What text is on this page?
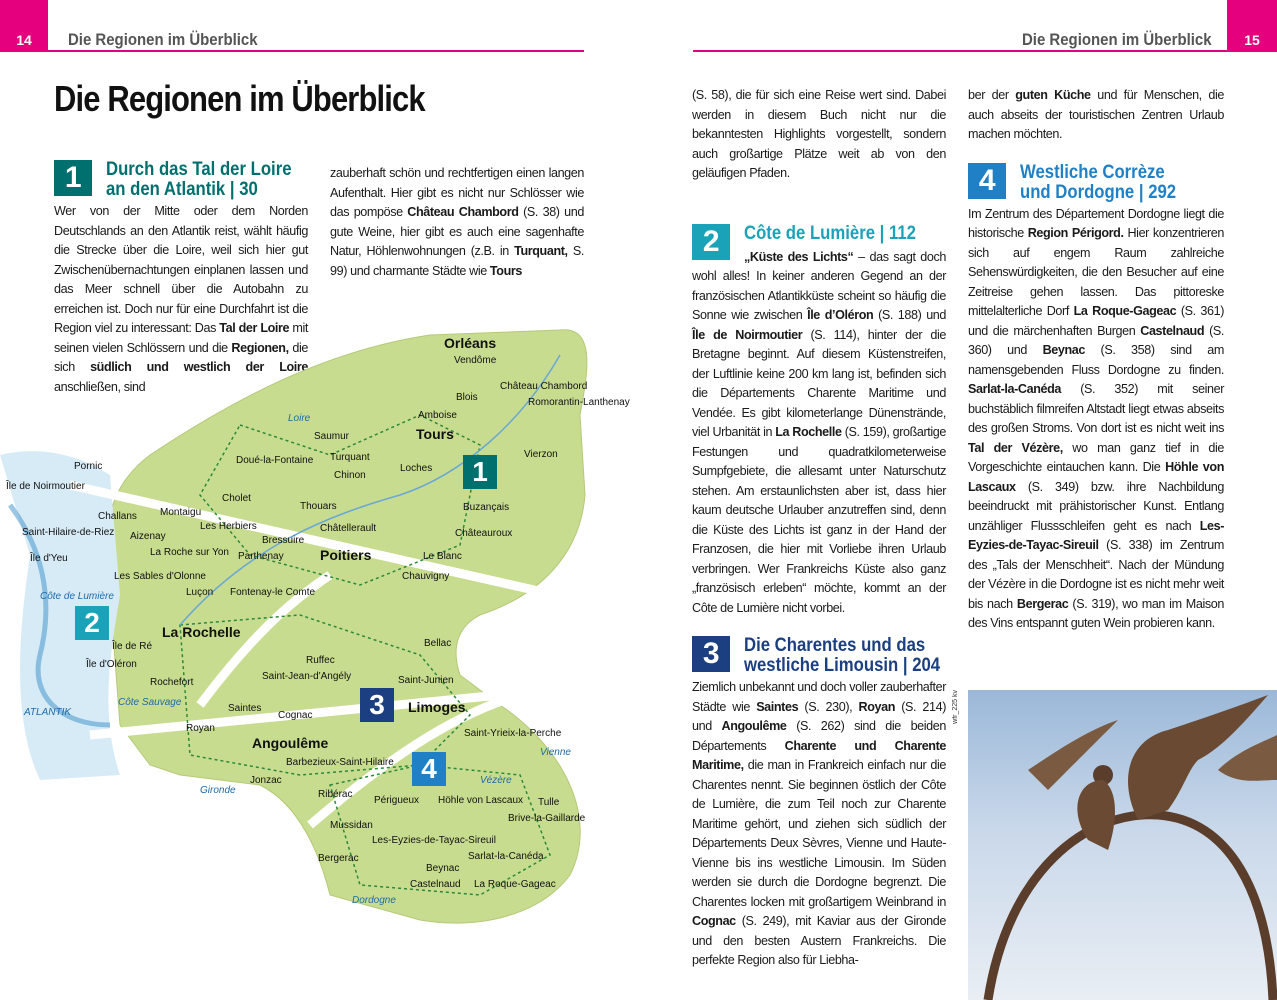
14	Die Regionen im Überblick	15
Die Regionen im Überblick
Die Regionen im Überblick
1	Durch das Tal der Loire
an den Atlantik | 30

Wer von der Mitte oder dem Norden Deutschlands an den Atlantik reist, wählt häufig die Strecke über die Loire, weil sich hier gut Zwischenübernachtungen einplanen lassen und das Meer schnell über die Autobahn zu erreichen ist. Doch nur für eine Durchfahrt ist die Region viel zu interessant: Das Tal der Loire mit seinen vielen Schlössern und die Regionen, die sich südlich und westlich der Loire anschließen, sind

zauberhaft schön und rechtfertigen einen langen Aufenthalt. Hier gibt es nicht nur Schlösser wie das pompöse Château Chambord (S. 38) und gute Weine, hier gibt es auch eine sagenhafte Natur, Höhlenwohnungen (z.B. in Turquant, S. 99) und charmante Städte wie Tours

1
2
3
4
Orléans
Vendôme
Blois
Château Chambord
Romorantin-Lanthenay
Amboise
Tours
Vierzon
Loches
Saumur
Turquant
Chinon
Doué-la-Fontaine
Cholet
Thouars
Montaigu
Les Herbiers
Bressuire
Châtellerault
Buzançais
Châteauroux
Pornic
Île de Noirmoutier
Saint-Hilaire-de-Riez
Challans
Aizenay
La Roche sur Yon
Île d'Yeu
Les Sables d'Olonne
Parthenay	Poitiers	Le Blanc
Chauvigny
Luçon Fontenay-le Comte
La Rochelle
Île de Ré
Île d'Oléron
Rochefort
Bellac
Ruffec
Saint-Jean-d'Angély	Saint-Junien
Limoges
Saintes
Cognac
Royan
Angoulême
Saint-Yrieix-la-Perche
Barbezieux-Saint-Hilaire
Jonzac
Ribérac
Périgueux Höhle von Lascaux Tulle
Brive-la-Gaillarde
Mussidan
Les-Eyzies-de-Tayac-Sireuil
Sarlat-la-Canéda
Bergerac
Beynac
Castelnaud La Roque-Gageac
Loire
Vienne
Gironde
Dordogne
Vézère
Côte de Lumière
Côte Sauvage
ATLANTIK

(S. 58), die für sich eine Reise wert sind. Dabei werden in diesem Buch nicht nur die bekanntesten Highlights vorgestellt, sondern auch großartige Plätze weit ab von den geläufigen Pfaden.

2	Côte de Lumière | 112

„Küste des Lichts“ – das sagt doch wohl alles! In keiner anderen Gegend an der französischen Atlantikküste scheint so häufig die Sonne wie zwischen Île d’Oléron (S. 188) und Île de Noirmoutier (S. 114), hinter der die Bretagne beginnt. Auf diesem Küstenstreifen, der Luftlinie keine 200 km lang ist, befinden sich die Départements Charente Maritime und Vendée. Es gibt kilometerlange Dünenstrände, viel Urbanität in La Rochelle (S. 159), großartige Festungen und quadratkilometerweise Sumpfgebiete, die allesamt unter Naturschutz stehen. Am erstaunlichsten aber ist, dass hier kaum deutsche Urlauber anzutreffen sind, denn die Küste des Lichts ist ganz in der Hand der Franzosen, die hier mit Vorliebe ihren Urlaub verbringen. Wer Frankreichs Küste also ganz „französisch erleben“ möchte, kommt an der Côte de Lumière nicht vorbei.

3	Die Charentes und das
westliche Limousin | 204

Ziemlich unbekannt und doch voller zauberhafter Städte wie Saintes (S. 230), Royan (S. 214) und Angoulême (S. 262) sind die beiden Départements Charente und Charente Maritime, die man in Frankreich einfach nur die Charentes nennt. Sie beginnen östlich der Côte de Lumière, die zum Teil noch zur Charente Maritime gehört, und ziehen sich südlich der Départements Deux Sèvres, Vienne und Haute-Vienne bis ins westliche Limousin. Im Süden werden sie durch die Dordogne begrenzt. Die Charentes locken mit großartigem Weinbrand in Cognac (S. 249), mit Kaviar aus der Gironde und den besten Austern Frankreichs. Die perfekte Region also für Liebha-

ber der guten Küche und für Menschen, die auch abseits der touristischen Zentren Urlaub machen möchten.

4	Westliche Corrèze
und Dordogne | 292

Im Zentrum des Département Dordogne liegt die historische Region Périgord. Hier konzentrieren sich auf engem Raum zahlreiche Sehenswürdigkeiten, die den Besucher auf eine Zeitreise gehen lassen. Das pittoreske mittelalterliche Dorf La Roque-Gageac (S. 361) und die märchenhaften Burgen Castelnaud (S. 360) und Beynac (S. 358) sind am namensgebenden Fluss Dordogne zu finden. Sarlat-la-Canéda (S. 352) mit seiner buchstäblich filmreifen Altstadt liegt etwas abseits des großen Stroms. Von dort ist es nicht weit ins Tal der Vézère, wo man ganz tief in die Vorgeschichte eintauchen kann. Die Höhle von Lascaux (S. 349) bzw. ihre Nachbildung beeindruckt mit prähistorischer Kunst. Entlang unzähliger Flussschleifen geht es nach Les-Eyzies-de-Tayac-Sireuil (S. 338) im Zentrum des „Tals der Menschheit“. Nach der Mündung der Vézère in die Dordogne ist es nicht mehr weit bis nach Bergerac (S. 319), wo man im Maison des Vins entspannt guten Wein probieren kann.

wfr_225 kv
